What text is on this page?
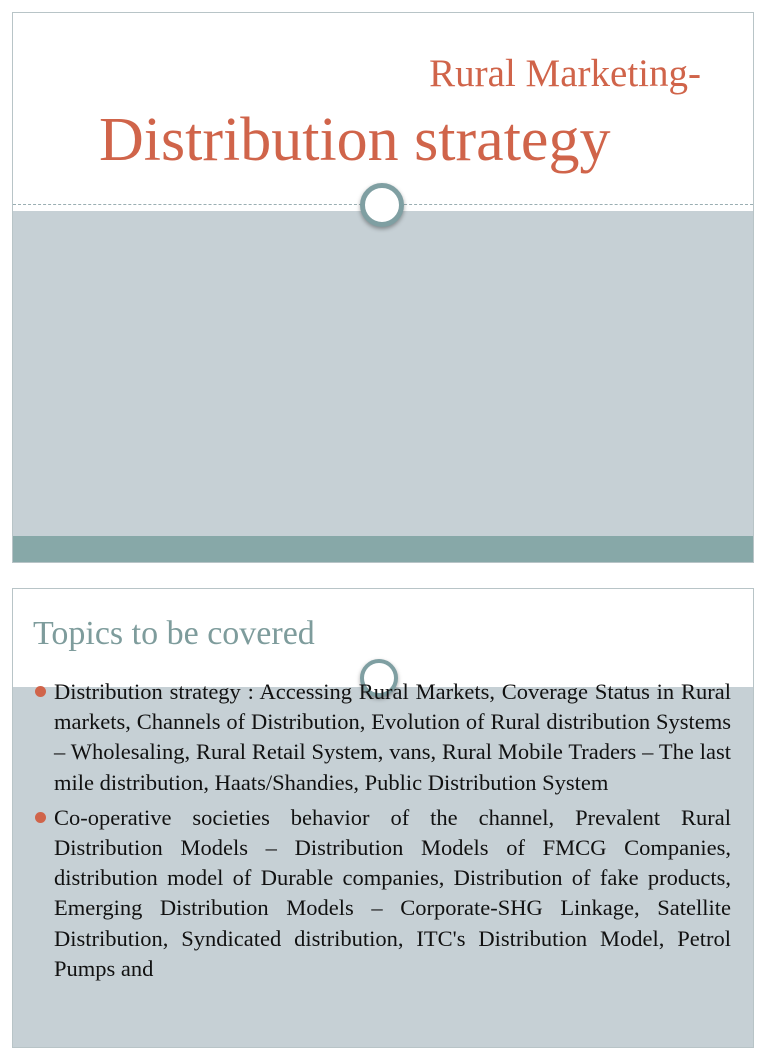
Rural Marketing-
Distribution strategy
Topics to be covered
Distribution strategy : Accessing Rural Markets, Coverage Status in Rural markets, Channels of Distribution, Evolution of Rural distribution Systems – Wholesaling, Rural Retail System, vans, Rural Mobile Traders – The last mile distribution, Haats/Shandies, Public Distribution System
Co-operative societies behavior of the channel, Prevalent Rural Distribution Models – Distribution Models of FMCG Companies, distribution model of Durable companies, Distribution of fake products, Emerging Distribution Models – Corporate-SHG Linkage, Satellite Distribution, Syndicated distribution, ITC's Distribution Model, Petrol Pumps and
